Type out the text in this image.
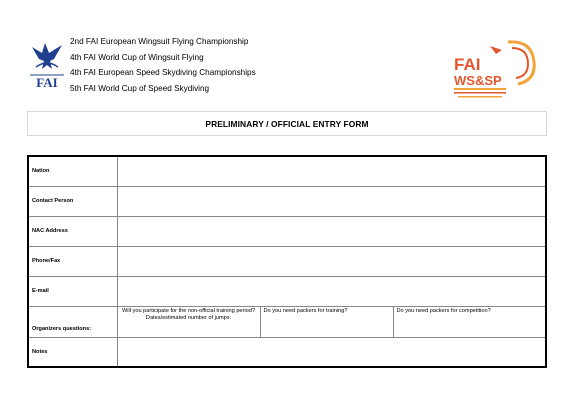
FAI
2nd FAI European Wingsuit Flying Championship
4th FAI World Cup of Wingsuit Flying
4th FAI European Speed Skydiving Championships
5th FAI World Cup of Speed Skydiving
FAI
WS&SP
PRELIMINARY / OFFICIAL ENTRY FORM
Nation			
Contact Person			
NAC Address			
Phone/Fax			
E-mail			
Organizers questions:	Will you participate for the non-official training period? Dates/estimated number of jumps:	Do you need packers for training?	Do you need packers for competition?

Notes			
